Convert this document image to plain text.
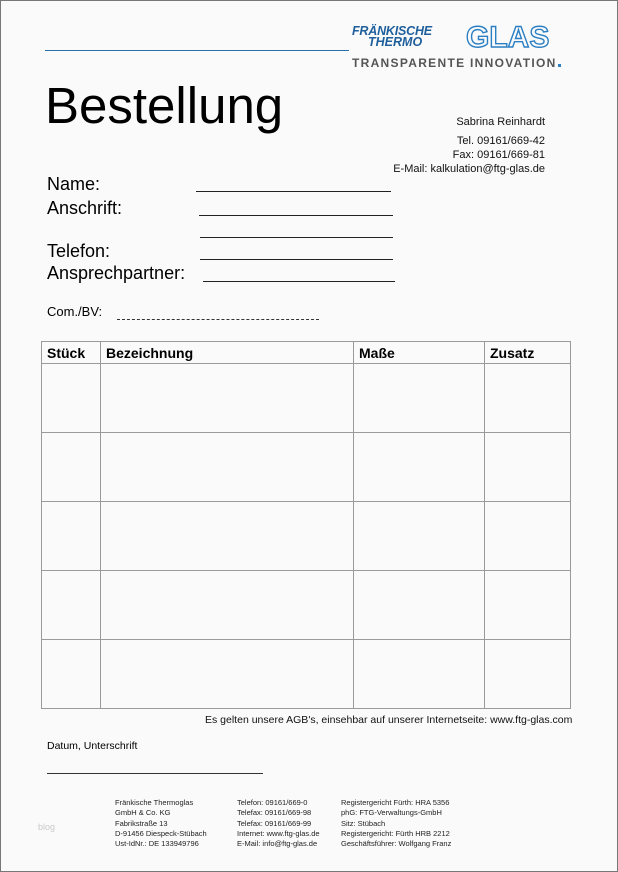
FRÄNKISCHE
THERMO GLAS
TRANSPARENTE INNOVATION
Bestellung	Sabrina Reinhardt
Tel. 09161/669-42
Fax: 09161/669-81
E-Mail: kalkulation@ftg-glas.de
Name:
Anschrift:
Telefon:
Ansprechpartner:
Com./BV:
Stück	Bezeichnung	Maße	Zusatz

Es gelten unsere AGB's, einsehbar auf unserer Internetseite: www.ftg-glas.com
Datum, Unterschrift
Fränkische Thermoglas
GmbH & Co. KG
Fabrikstraße 13
D-91456 Diespeck-Stübach
Ust-IdNr.: DE 133949796
Telefon: 09161/669-0
Telefax: 09161/669-98
Telefax: 09161/669-99
Internet: www.ftg-glas.de
E-Mail: info@ftg-glas.de
Registergericht Fürth: HRA 5356
phG: FTG-Verwaltungs-GmbH
Sitz: Stübach
Registergericht: Fürth HRB 2212
Geschäftsführer: Wolfgang Franz
blog
